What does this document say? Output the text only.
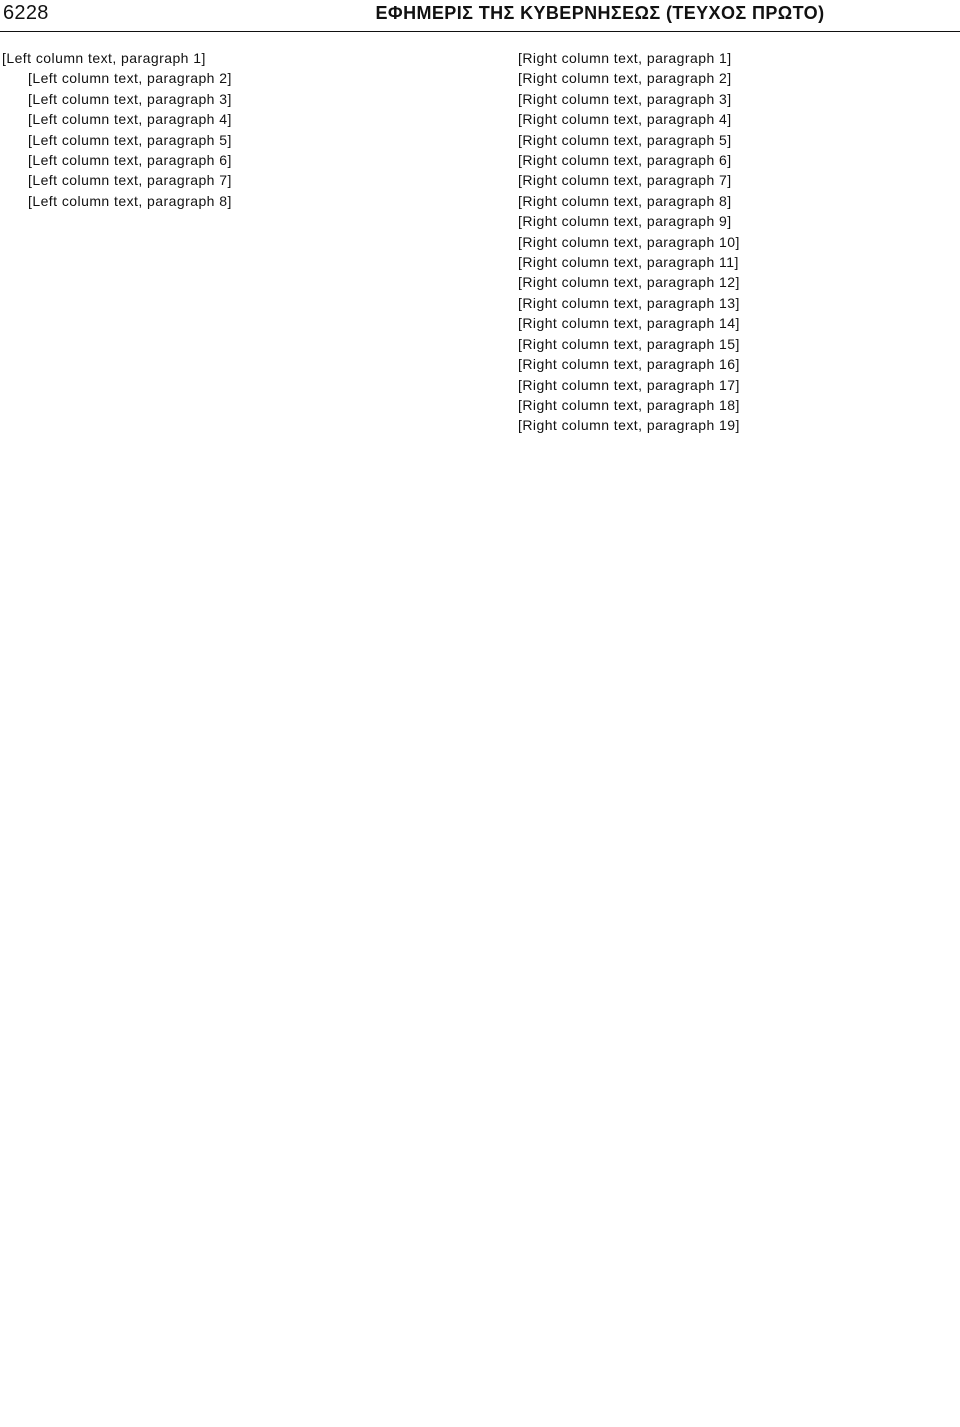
6228	ΕΦΗΜΕΡΙΣ ΤΗΣ ΚΥΒΕΡΝΗΣΕΩΣ (ΤΕΥΧΟΣ ΠΡΩΤΟ)

[Left column text, paragraph 1]

[Left column text, paragraph 2]

[Left column text, paragraph 3]

[Left column text, paragraph 4]

[Left column text, paragraph 5]

[Left column text, paragraph 6]

[Left column text, paragraph 7]

[Left column text, paragraph 8]

[Right column text, paragraph 1]

[Right column text, paragraph 2]

[Right column text, paragraph 3]

[Right column text, paragraph 4]

[Right column text, paragraph 5]

[Right column text, paragraph 6]

[Right column text, paragraph 7]

[Right column text, paragraph 8]

[Right column text, paragraph 9]

[Right column text, paragraph 10]

[Right column text, paragraph 11]

[Right column text, paragraph 12]

[Right column text, paragraph 13]

[Right column text, paragraph 14]

[Right column text, paragraph 15]

[Right column text, paragraph 16]

[Right column text, paragraph 17]

[Right column text, paragraph 18]

[Right column text, paragraph 19]
